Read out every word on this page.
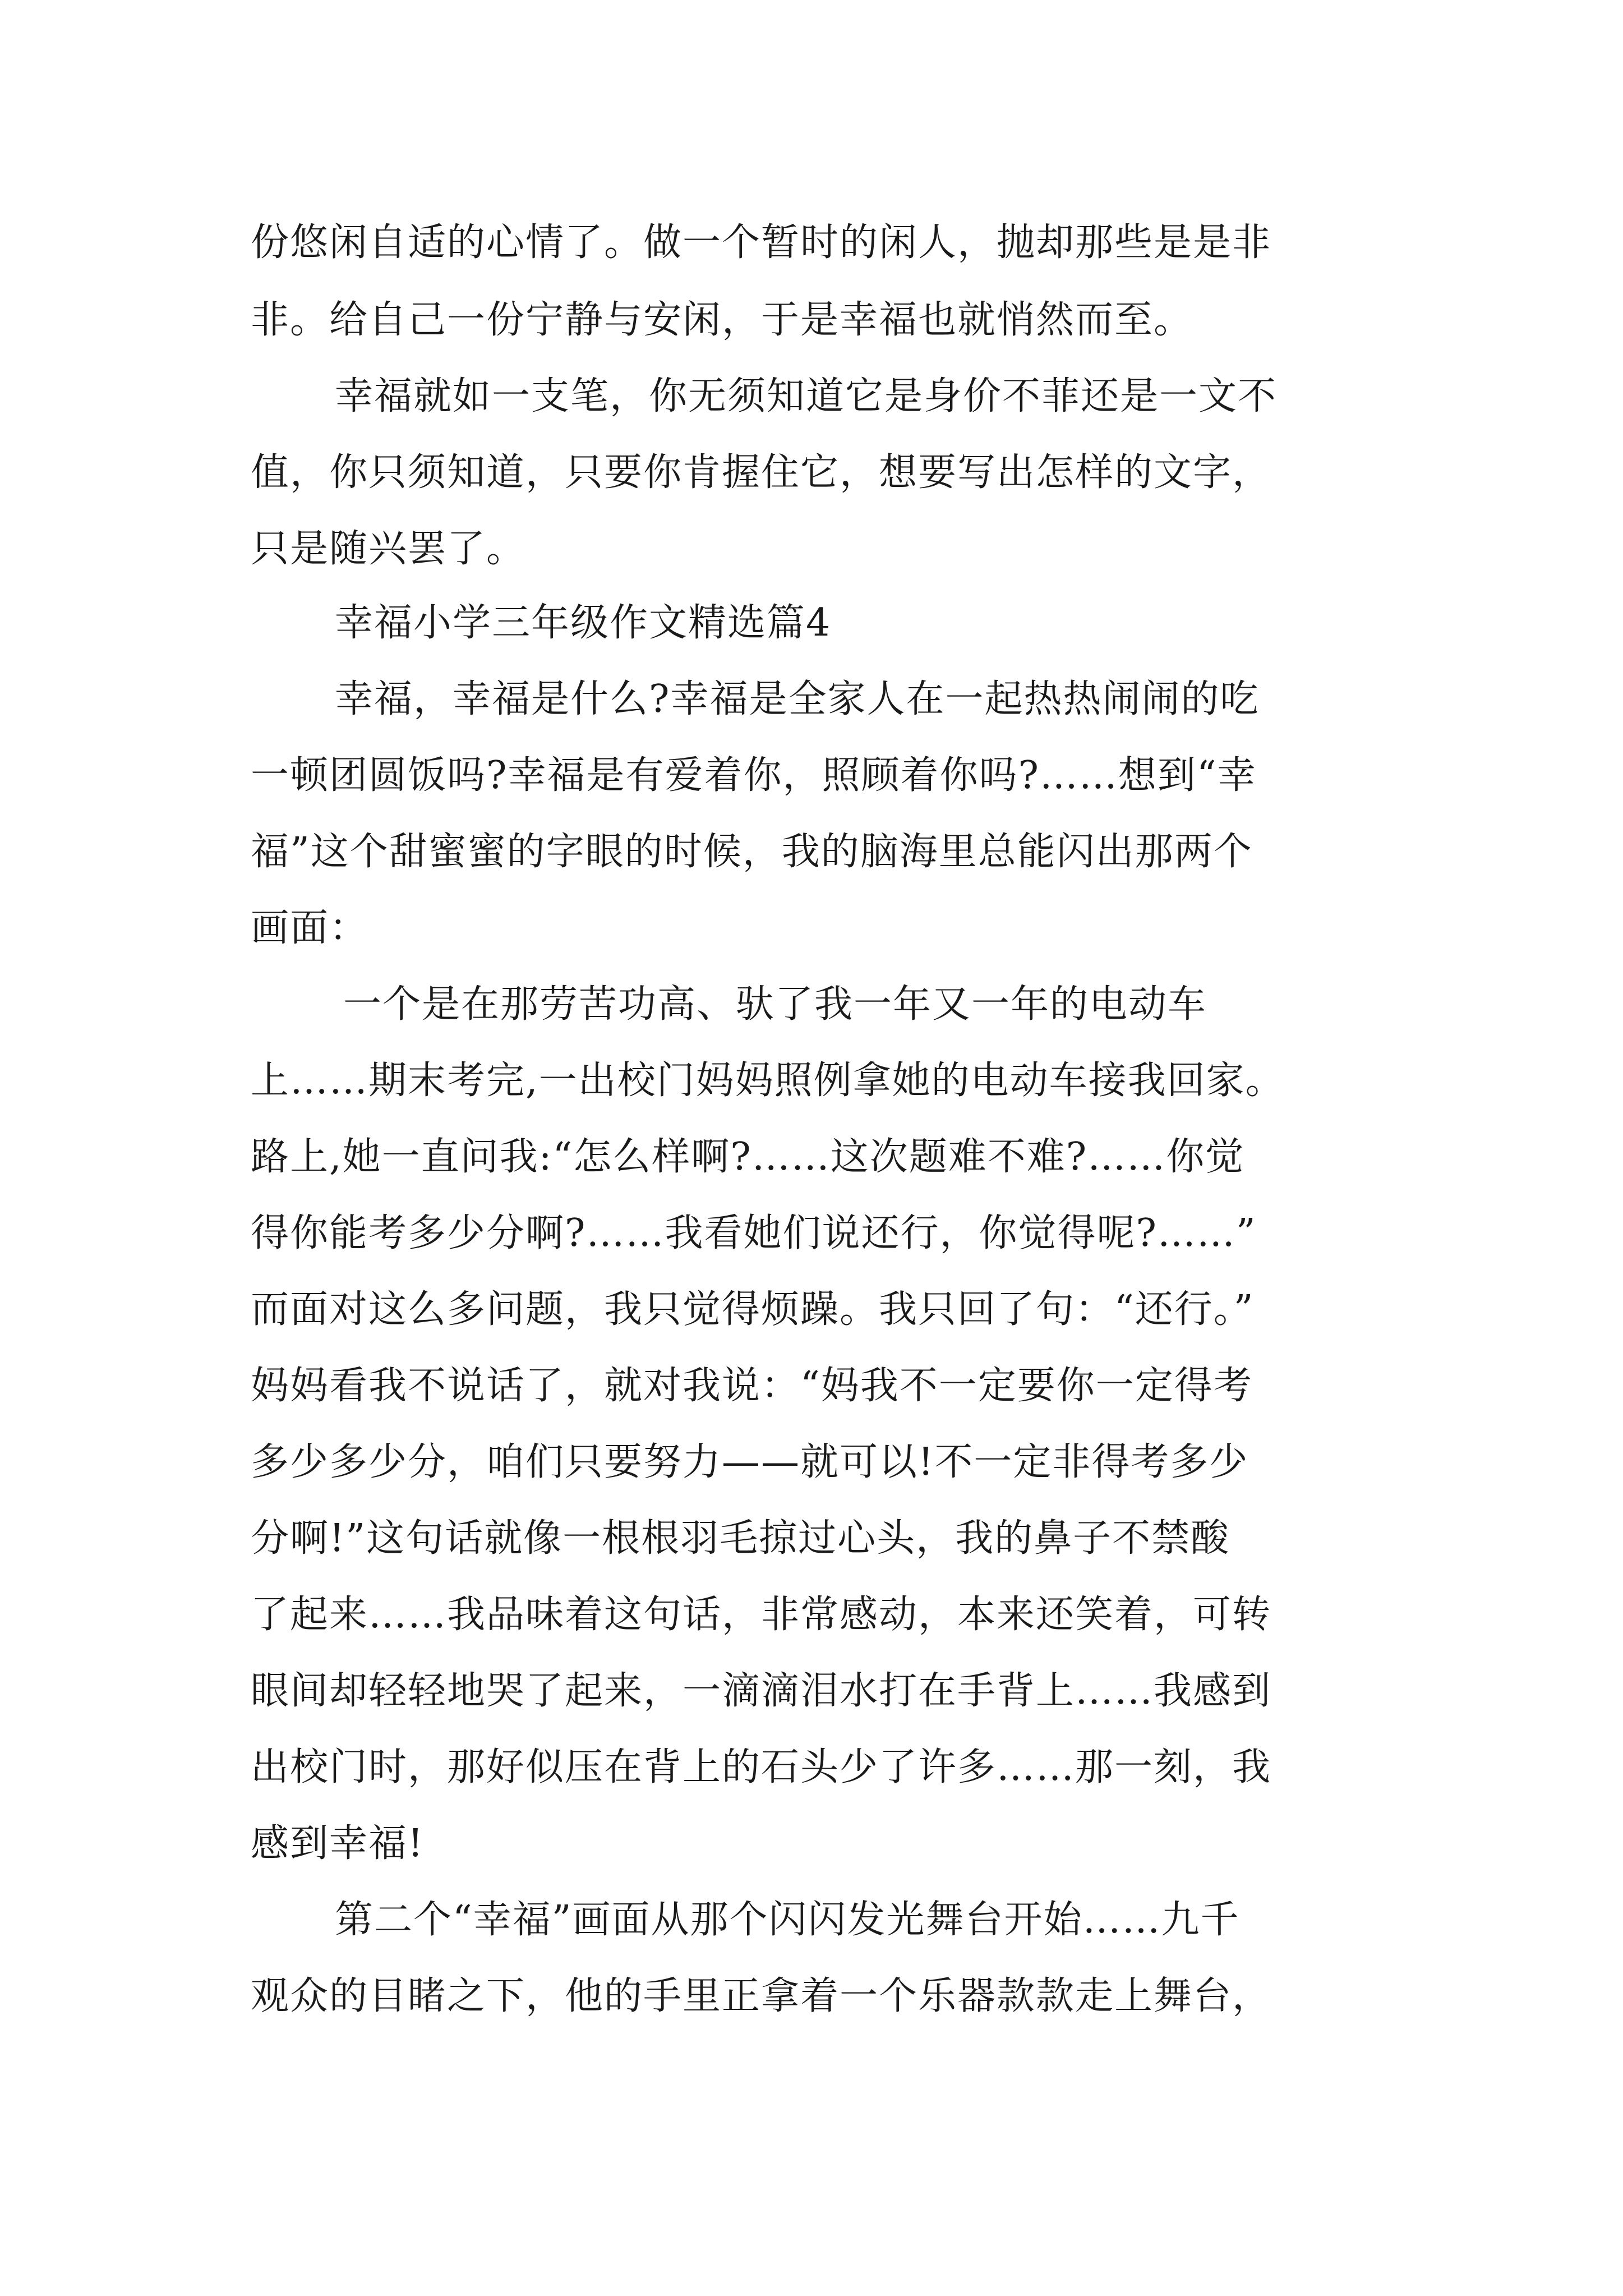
份悠闲自适的心情了。做一个暂时的闲人，抛却那些是是非
非。给自己一份宁静与安闲，于是幸福也就悄然而至。
幸福就如一支笔，你无须知道它是身价不菲还是一文不
值，你只须知道，只要你肯握住它，想要写出怎样的文字，
只是随兴罢了。
幸福小学三年级作文精选篇4
幸福，幸福是什么?幸福是全家人在一起热热闹闹的吃
一顿团圆饭吗?幸福是有爱着你，照顾着你吗?……想到“幸
福”这个甜蜜蜜的字眼的时候，我的脑海里总能闪出那两个
画面：
一个是在那劳苦功高、驮了我一年又一年的电动车
上……期末考完,一出校门妈妈照例拿她的电动车接我回家。
路上,她一直问我:“怎么样啊?……这次题难不难?……你觉
得你能考多少分啊?……我看她们说还行，你觉得呢?……”
而面对这么多问题，我只觉得烦躁。我只回了句：“还行。”
妈妈看我不说话了，就对我说：“妈我不一定要你一定得考
多少多少分，咱们只要努力——就可以!不一定非得考多少
分啊!”这句话就像一根根羽毛掠过心头，我的鼻子不禁酸
了起来……我品味着这句话，非常感动，本来还笑着，可转
眼间却轻轻地哭了起来，一滴滴泪水打在手背上……我感到
出校门时，那好似压在背上的石头少了许多……那一刻，我
感到幸福!
第二个“幸福”画面从那个闪闪发光舞台开始……九千
观众的目睹之下，他的手里正拿着一个乐器款款走上舞台，
